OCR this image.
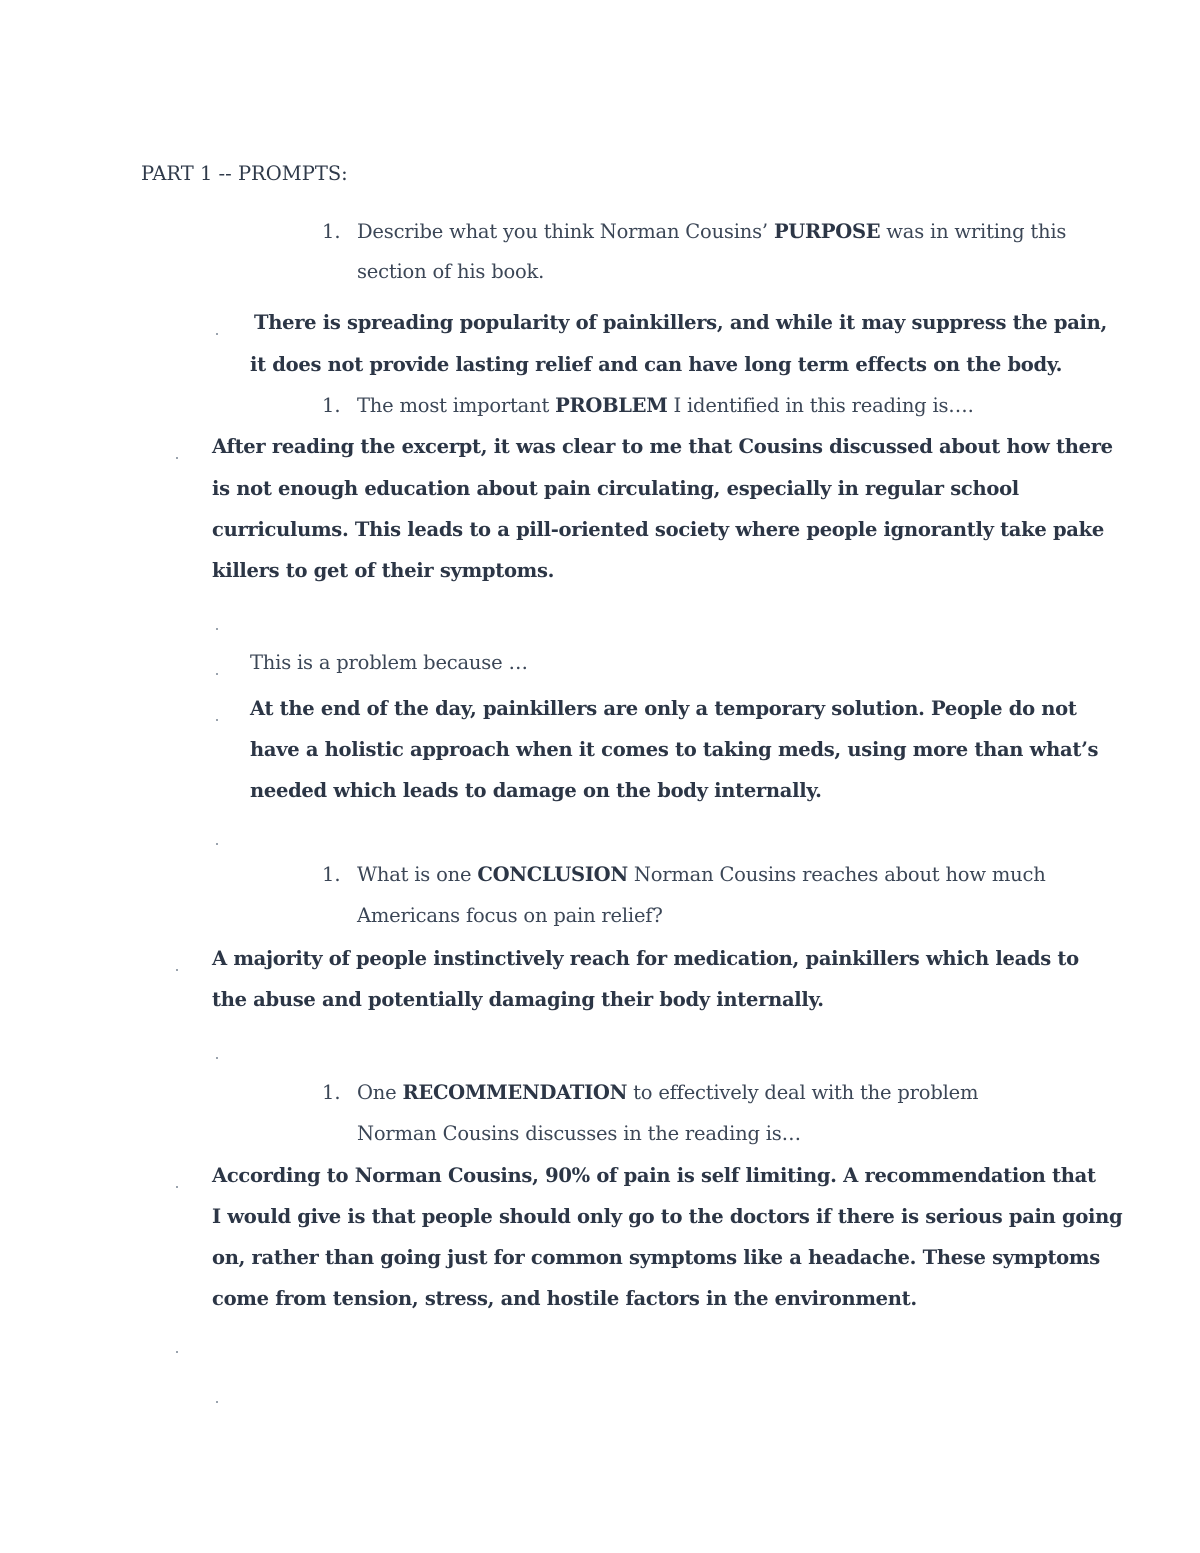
PART 1 -- PROMPTS:
1. Describe what you think Norman Cousins’ PURPOSE was in writing this
section of his book.
There is spreading popularity of painkillers, and while it may suppress the pain,
it does not provide lasting relief and can have long term effects on the body.
1. The most important PROBLEM I identified in this reading is….
After reading the excerpt, it was clear to me that Cousins discussed about how there
is not enough education about pain circulating, especially in regular school
curriculums. This leads to a pill-oriented society where people ignorantly take pake
killers to get of their symptoms.
This is a problem because …
At the end of the day, painkillers are only a temporary solution. People do not
have a holistic approach when it comes to taking meds, using more than what’s
needed which leads to damage on the body internally.
1. What is one CONCLUSION Norman Cousins reaches about how much
Americans focus on pain relief?
A majority of people instinctively reach for medication, painkillers which leads to
the abuse and potentially damaging their body internally.
1. One RECOMMENDATION to effectively deal with the problem
Norman Cousins discusses in the reading is…
According to Norman Cousins, 90% of pain is self limiting. A recommendation that
I would give is that people should only go to the doctors if there is serious pain going
on, rather than going just for common symptoms like a headache. These symptoms
come from tension, stress, and hostile factors in the environment.
